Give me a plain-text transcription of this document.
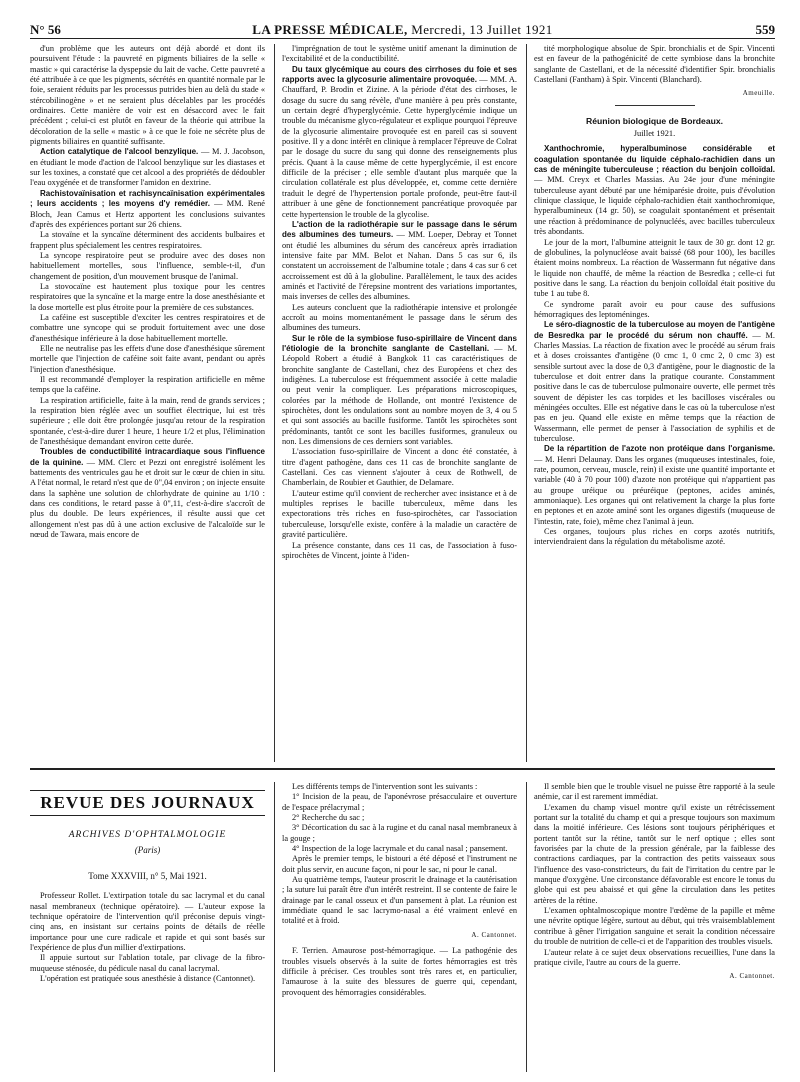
N° 56	LA PRESSE MÉDICALE, Mercredi, 13 Juillet 1921	559

d'un problème que les auteurs ont déjà abordé et dont ils poursuivent l'étude : la pauvreté en pigments biliaires de la selle « mastic » qui caractérise la dyspepsie du lait de vache. Cette pauvreté a été attribuée à ce que les pigments, sécrétés en quantité normale par le foie, seraient réduits par les processus putrides bien au delà du stade « stércobilinogène » et ne seraient plus décelables par les procédés ordinaires. Cette manière de voir est en désaccord avec le fait précédent ; celui-ci est plutôt en faveur de la théorie qui attribue la décoloration de la selle « mastic » à ce que le foie ne sécrète plus de pigments biliaires en quantité suffisante.

Action catalytique de l'alcool benzylique. — M. J. Jacobson, en étudiant le mode d'action de l'alcool benzylique sur les diastases et sur les toxines, a constaté que cet alcool a des propriétés de dédoubler l'eau oxygénée et de transformer l'amidon en dextrine.

Rachistovaïnisation et rachisyncaïnisation expérimentales ; leurs accidents ; les moyens d'y remédier. — MM. René Bloch, Jean Camus et Hertz apportent les conclusions suivantes d'après des expériences portant sur 26 chiens.

La stovaïne et la syncaïne déterminent des accidents bulbaires et frappent plus spécialement les centres respiratoires.

La syncope respiratoire peut se produire avec des doses non habituellement mortelles, sous l'influence, semble-t-il, d'un changement de position, d'un mouvement brusque de l'animal.

La stovocaïne est hautement plus toxique pour les centres respiratoires que la syncaïne et la marge entre la dose anesthésiante et la dose mortelle est plus étroite pour la première de ces substances.

La caféine est susceptible d'exciter les centres respiratoires et de combattre une syncope qui se produit fortuitement avec une dose d'anesthésique inférieure à la dose habituellement mortelle.

Elle ne neutralise pas les effets d'une dose d'anesthésique sûrement mortelle que l'injection de caféine soit faite avant, pendant ou après l'injection d'anesthésique.

Il est recommandé d'employer la respiration artificielle en même temps que la caféine.

La respiration artificielle, faite à la main, rend de grands services ; la respiration bien réglée avec un souffiet électrique, lui est très supérieure ; elle doit être prolongée jusqu'au retour de la respiration spontanée, c'est-à-dire durer 1 heure, 1 heure 1/2 et plus, l'élimination de l'anesthésique demandant environ cette durée.

Troubles de conductibilité intracardiaque sous l'influence de la quinine. — MM. Clerc et Pezzi ont enregistré isolément les battements des ventricules gau he et droit sur le cœur de chien in situ. A l'état normal, le retard n'est que de 0",04 environ ; on injecte ensuite dans la saphène une solution de chlorhydrate de quinine au 1/10 : dans ces conditions, le retard passe à 0",11, c'est-à-dire s'accroît de plus du double. De leurs expériences, il résulte aussi que cet allongement n'est pas dû à une action exclusive de l'alcaloïde sur le nœud de Tawara, mais encore de

l'imprégnation de tout le système unitif amenant la diminution de l'excitabilité et de la conductibilité.

Du taux glycémique au cours des cirrhoses du foie et ses rapports avec la glycosurie alimentaire provoquée. — MM. A. Chauffard, P. Brodin et Zizine. A la période d'état des cirrhoses, le dosage du sucre du sang révèle, d'une manière à peu près constante, un certain degré d'hyperglycémie. Cette hyperglycémie indique un trouble du mécanisme glyco-régulateur et explique pourquoi l'épreuve de la glycosurie alimentaire provoquée est en pareil cas si souvent positive. Il y a donc intérêt en clinique à remplacer l'épreuve de Colrat par le dosage du sucre du sang qui donne des renseignements plus précis. Quant à la cause même de cette hyperglycémie, il est encore difficile de la préciser ; elle semble d'autant plus marquée que la circulation collatérale est plus développée, et, comme cette dernière traduit le degré de l'hypertension portale profonde, peut-être faut-il attribuer à une gêne de fonctionnement pancréatique provoquée par cette hypertension le trouble de la glycolise.

L'action de la radiothérapie sur le passage dans le sérum des albumines des tumeurs. — MM. Loeper, Debray et Tonnet ont étudié les albumines du sérum des cancéreux après irradiation intensive faite par MM. Belot et Nahan. Dans 5 cas sur 6, ils constatent un accroissement de l'albumine totale ; dans 4 cas sur 6 cet accroissement est dû à la globuline. Parallèlement, le taux des acides aminés et l'activité de l'érepsine montrent des variations importantes, mais inverses de celles des albumines.

Les auteurs concluent que la radiothérapie intensive et prolongée accroît au moins momentanément le passage dans le sérum des albumines des tumeurs.

Sur le rôle de la symbiose fuso-spirillaire de Vincent dans l'étiologie de la bronchite sanglante de Castellani. — M. Léopold Robert a étudié à Bangkok 11 cas caractéristiques de bronchite sanglante de Castellani, chez des Européens et chez des indigènes. La tuberculose est fréquemment associée à cette maladie ou peut venir la compliquer. Les préparations microscopiques, colorées par la méthode de Hollande, ont montré l'existence de spirochètes, dont les ondulations sont au nombre moyen de 3, 4 ou 5 et qui sont associés au bacille fusiforme. Tantôt les spirochètes sont prédominants, tantôt ce sont les bacilles fusiformes, granuleux ou non. Les dimensions de ces derniers sont variables.

L'association fuso-spirillaire de Vincent a donc été constatée, à titre d'agent pathogène, dans ces 11 cas de bronchite sanglante de Castellani. Ces cas viennent s'ajouter à ceux de Rothwell, de Chamberlain, de Roubier et Gauthier, de Delamare.

L'auteur estime qu'il convient de rechercher avec insistance et à de multiples reprises le bacille tuberculeux, même dans les expectorations très riches en fuso-spirochètes, car l'association tuberculeuse, lorsqu'elle existe, confère à la maladie un caractère de gravité particulière.

La présence constante, dans ces 11 cas, de l'association à fuso-spirochètes de Vincent, jointe à l'iden-

tité morphologique absolue de Spir. bronchialis et de Spir. Vincenti est en faveur de la pathogénicité de cette symbiose dans la bronchite sanglante de Castellani, et de la nécessité d'identifier Spir. bronchialis Castellani (Fantham) à Spir. Vincenti (Blanchard).

Ameuille.
Réunion biologique de Bordeaux.
Juillet 1921.

Xanthochromie, hyperalbuminose considérable et coagulation spontanée du liquide céphalo-rachidien dans un cas de méningite tuberculeuse ; réaction du benjoin colloïdal. — MM. Creyx et Charles Massias. Au 24e jour d'une méningite tuberculeuse ayant débuté par une hémiparésie droite, puis d'évolution clinique classique, le liquide céphalo-rachidien était xanthochromique, hyperalbumineux (14 gr. 50), se coagulait spontanément et présentait une réaction à prédominance de polynucléés, avec bacilles tuberculeux très abondants.

Le jour de la mort, l'albumine atteignit le taux de 30 gr. dont 12 gr. de globulines, la polynucléose avait baissé (68 pour 100), les bacilles étaient moins nombreux. La réaction de Wassermann fut négative dans le liquide non chauffé, de même la réaction de Besredka ; celle-ci fut positive dans le sang. La réaction du benjoin colloïdal était positive du tube 1 au tube 8.

Ce syndrome paraît avoir eu pour cause des suffusions hémorragiques des leptoméninges.

Le séro-diagnostic de la tuberculose au moyen de l'antigène de Besredka par le procédé du sérum non chauffé. — M. Charles Massias. La réaction de fixation avec le procédé au sérum frais et à doses croissantes d'antigène (0 cmc 1, 0 cmc 2, 0 cmc 3) est sensible surtout avec la dose de 0,3 d'antigène, pour le diagnostic de la tuberculose et doit entrer dans la pratique courante. Constamment positive dans le cas de tuberculose pulmonaire ouverte, elle permet très souvent de dépister les cas torpides et les bacilloses viscérales ou méningées occultes. Elle est négative dans le cas où la tuberculose n'est pas en jeu. Quand elle existe en même temps que la réaction de Wassermann, elle permet de penser à l'association de syphilis et de tuberculose.

De la répartition de l'azote non protéique dans l'organisme. — M. Henri Delaunay. Dans les organes (muqueuses intestinales, foie, rate, poumon, cerveau, muscle, rein) il existe une quantité importante et variable (40 à 70 pour 100) d'azote non protéique qui n'appartient pas au groupe uréique ou préuréique (peptones, acides aminés, ammoniaque). Les organes qui ont relativement la charge la plus forte en peptones et en azote aminé sont les organes digestifs (muqueuse de l'intestin, rate, foie), même chez l'animal à jeun.

Ces organes, toujours plus riches en corps azotés nutritifs, interviendraient dans la régulation du métabolisme azoté.

REVUE DES JOURNAUX
ARCHIVES D'OPHTALMOLOGIE
(Paris)
Tome XXXVIII, n° 5, Mai 1921.

Professeur Rollet. L'extirpation totale du sac lacrymal et du canal nasal membraneux (technique opératoire). — L'auteur expose la technique opératoire de l'intervention qu'il préconise depuis vingt-cinq ans, en insistant sur certains points de détails de réelle importance pour une cure radicale et rapide et qui sont basés sur l'expérience de plus d'un millier d'extirpations.

Il appuie surtout sur l'ablation totale, par clivage de la fibro-muqueuse sténosée, du pédicule nasal du canal lacrymal.

L'opération est pratiquée sous anesthésie à distance (Cantonnet).

Les différents temps de l'intervention sont les suivants :

1° Incision de la peau, de l'aponévrose présacculaire et ouverture de l'espace prélacrymal ;

2° Recherche du sac ;

3° Décortication du sac à la rugine et du canal nasal membraneux à la gouge ;

4° Inspection de la loge lacrymale et du canal nasal ; pansement.

Après le premier temps, le bistouri a été déposé et l'instrument ne doit plus servir, en aucune façon, ni pour le sac, ni pour le canal.

Au quatrième temps, l'auteur proscrit le drainage et la cautérisation ; la suture lui paraît être d'un intérêt restreint. Il se contente de faire le drainage par le canal osseux et d'un pansement à plat. La réunion est immédiate quand le sac lacrymo-nasal a été vraiment enlevé en totalité et à froid.

A. Cantonnet.

F. Terrien. Amaurose post-hémorragique. — La pathogénie des troubles visuels observés à la suite de fortes hémorragies est très difficile à préciser. Ces troubles sont très rares et, en particulier, l'amaurose à la suite des blessures de guerre qui, cependant, provoquent des hémorragies considérables.

Il semble bien que le trouble visuel ne puisse être rapporté à la seule anémie, car il est rarement immédiat.

L'examen du champ visuel montre qu'il existe un rétrécissement portant sur la totalité du champ et qui a presque toujours son maximum dans la moitié inférieure. Ces lésions sont toujours périphériques et portent tantôt sur la rétine, tantôt sur le nerf optique ; elles sont favorisées par la chute de la pression générale, par la faiblesse des contractions cardiaques, par la contraction des petits vaisseaux sous l'influence des vaso-constricteurs, du fait de l'irritation du centre par le manque d'oxygène. Une circonstance défavorable est encore le tonus du globe qui est peu abaissé et qui gêne la circulation dans les petites artères de la rétine.

L'examen ophtalmoscopique montre l'œdème de la papille et même une névrite optique légère, surtout au début, qui très vraisemblablement contribue à gêner l'irrigation sanguine et serait la condition nécessaire du trouble de nutrition de celle-ci et de l'apparition des troubles visuels.

L'auteur relate à ce sujet deux observations recueillies, l'une dans la pratique civile, l'autre au cours de la guerre.

A. Cantonnet.
